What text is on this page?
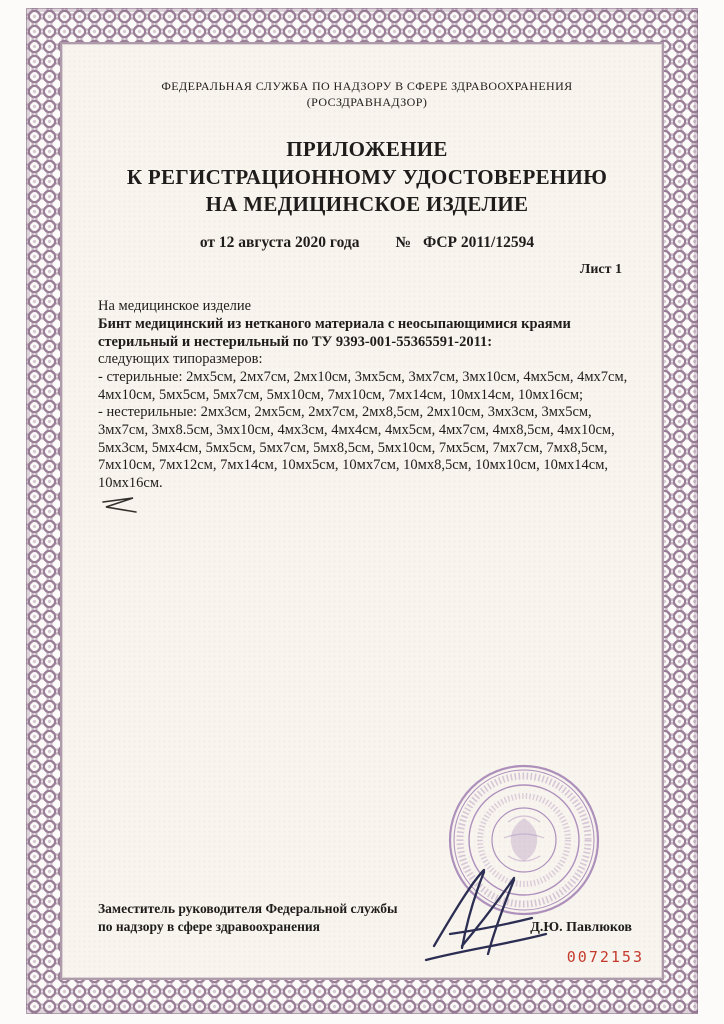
ФЕДЕРАЛЬНАЯ СЛУЖБА ПО НАДЗОРУ В СФЕРЕ ЗДРАВООХРАНЕНИЯ
(РОСЗДРАВНАДЗОР)
ПРИЛОЖЕНИЕ
К РЕГИСТРАЦИОННОМУ УДОСТОВЕРЕНИЮ
НА МЕДИЦИНСКОЕ ИЗДЕЛИЕ
от 12 августа 2020 года № ФСР 2011/12594
Лист 1

На медицинское изделие

Бинт медицинский из нетканого материала с неосыпающимися краями стерильный и нестерильный по ТУ 9393-001-55365591-2011:

следующих типоразмеров:

- стерильные: 2мх5см, 2мх7см, 2мх10см, 3мх5см, 3мх7см, 3мх10см, 4мх5см, 4мх7см, 4мх10см, 5мх5см, 5мх7см, 5мх10см, 7мх10см, 7мх14см, 10мх14см, 10мх16см;

- нестерильные: 2мх3см, 2мх5см, 2мх7см, 2мх8,5см, 2мх10см, 3мх3см, 3мх5см, 3мх7см, 3мх8.5см, 3мх10см, 4мх3см, 4мх4см, 4мх5см, 4мх7см, 4мх8,5см, 4мх10см, 5мх3см, 5мх4см, 5мх5см, 5мх7см, 5мх8,5см, 5мх10см, 7мх5см, 7мх7см, 7мх8,5см, 7мх10см, 7мх12см, 7мх14см, 10мх5см, 10мх7см, 10мх8,5см, 10мх10см, 10мх14см, 10мх16см.

Заместитель руководителя Федеральной службы
по надзору в сфере здравоохранения	Д.Ю. Павлюков
0072153
